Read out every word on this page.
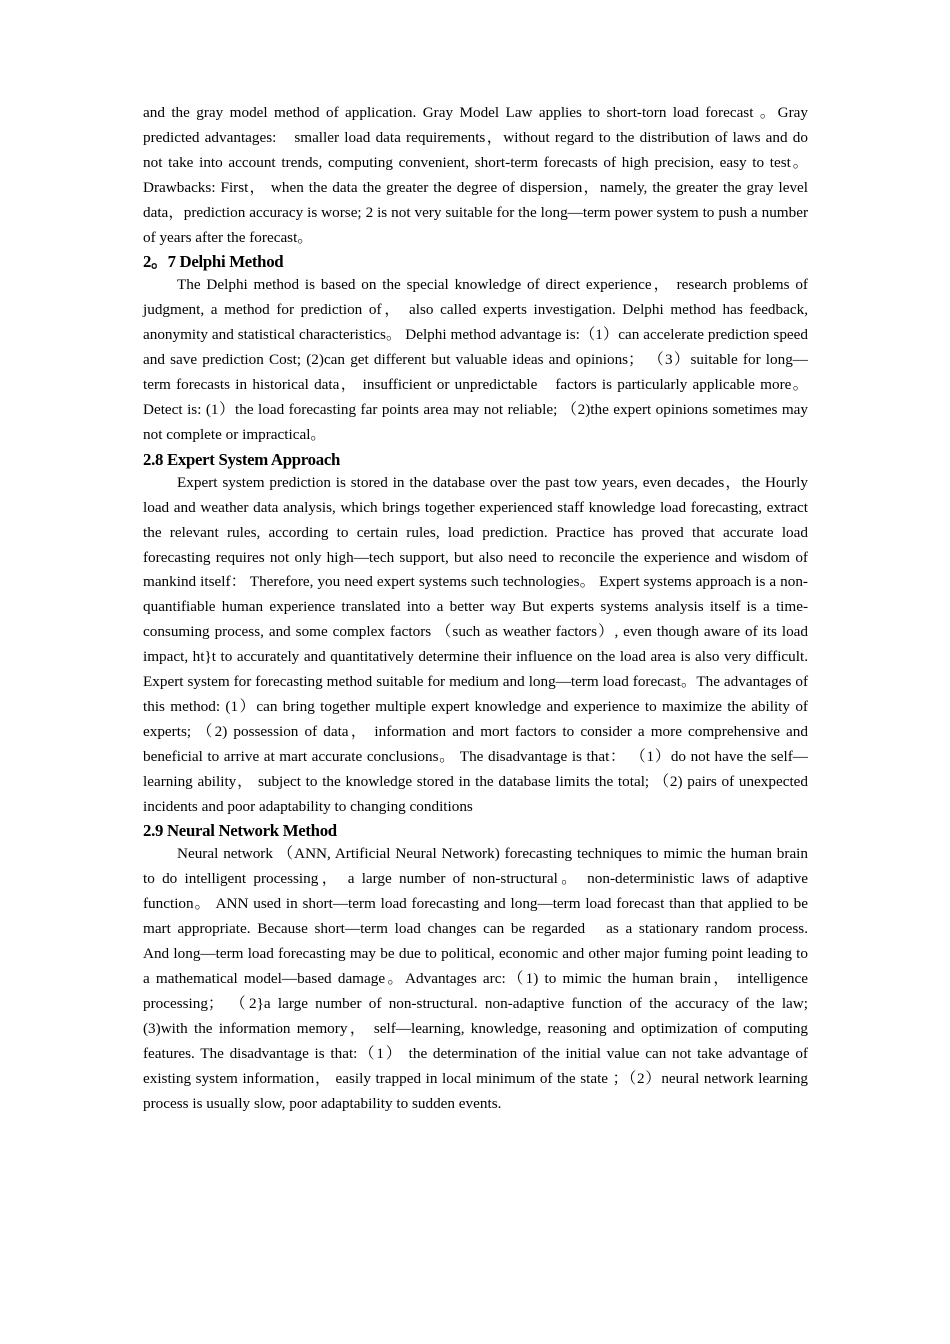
and the gray model method of application. Gray Model Law applies to short-torn load forecast 。Gray predicted advantages:　smaller load data requirements，without regard to the distribution of laws and do not take into account trends, computing convenient, short-term forecasts of high precision, easy to test。 Drawbacks: First， when the data the greater the degree of dispersion，namely, the greater the gray level data，prediction accuracy is worse; 2 is not very suitable for the long—term power system to push a number of years after the forecast。

2。7 Delphi Method

The Delphi method is based on the special knowledge of direct experience， research problems of judgment, a method for prediction of， also called experts investigation. Delphi method has feedback, anonymity and statistical characteristics。 Delphi method advantage is:（1）can accelerate prediction speed and save prediction Cost; (2)can get different but valuable ideas and opinions； （3）suitable for long—term forecasts in historical data， insufficient or unpredictable　factors is particularly applicable more。 Detect is: (1）the load forecasting far points area may not reliable; （2)the expert opinions sometimes may not complete or impractical。

2.8 Expert System Approach

Expert system prediction is stored in the database over the past tow years, even decades，the Hourly load and weather data analysis, which brings together experienced staff knowledge load forecasting, extract the relevant rules, according to certain rules, load prediction. Practice has proved that accurate load forecasting requires not only high—tech support, but also need to reconcile the experience and wisdom of mankind itself： Therefore, you need expert systems such technologies。 Expert systems approach is a non-quantifiable human experience translated into a better way But experts systems analysis itself is a time-consuming process, and some complex factors （such as weather factors）, even though aware of its load impact, ht}t to accurately and quantitatively determine their influence on the load area is also very difficult. Expert system for forecasting method suitable for medium and long—term load forecast。The advantages of this method: (1）can bring together multiple expert knowledge and experience to maximize the ability of experts; （2) possession of data， information and mort factors to consider a more comprehensive and beneficial to arrive at mart accurate conclusions。 The disadvantage is that： （1）do not have the self—learning ability， subject to the knowledge stored in the database limits the total; （2) pairs of unexpected incidents and poor adaptability to changing conditions

2.9 Neural Network Method

Neural network （ANN, Artificial Neural Network) forecasting techniques to mimic the human brain to do intelligent processing， a large number of non-structural。 non-deterministic laws of adaptive function。 ANN used in short—term load forecasting and long—term load forecast than that applied to be mart appropriate. Because short—term load changes can be regarded　as a stationary random process.　And long—term load forecasting may be due to political, economic and other major fuming point leading to a mathematical model—based damage。Advantages arc:（1) to mimic the human brain， intelligence processing； （2}a large number of non-structural. non-adaptive function of the accuracy of the law; (3)with the information memory， self—learning, knowledge, reasoning and optimization of computing features. The disadvantage is that:（1） the determination of the initial value can not take advantage of existing system information， easily trapped in local minimum of the state ；（2）neural network learning process is usually slow, poor adaptability to sudden events.
